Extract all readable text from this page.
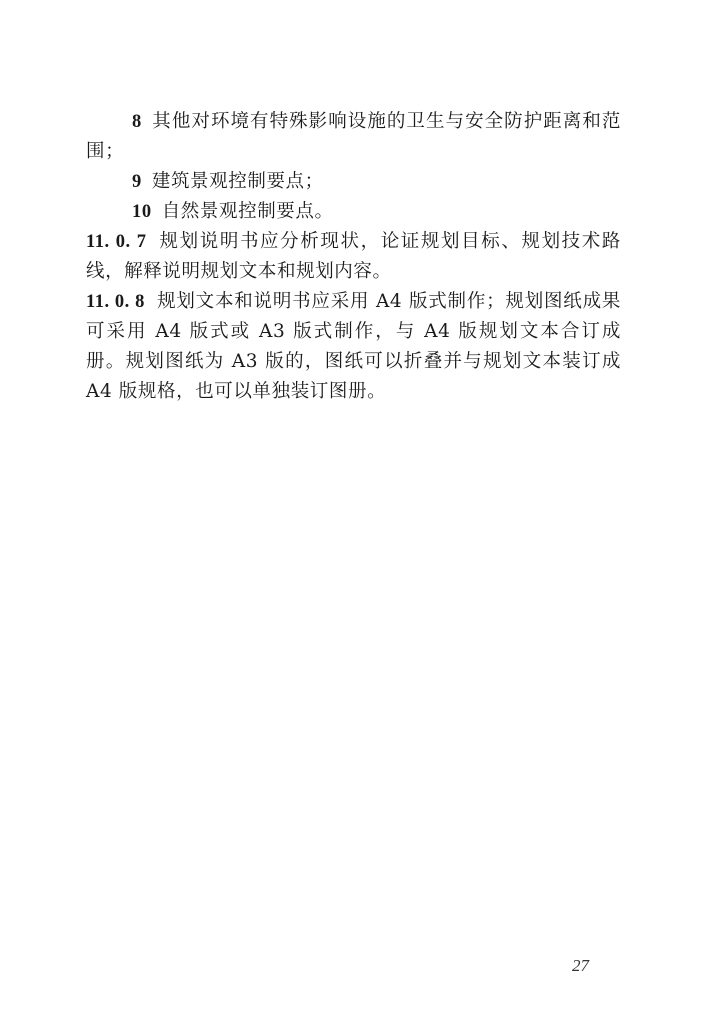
8 其他对环境有特殊影响设施的卫生与安全防护距离和范围；

9 建筑景观控制要点；

10 自然景观控制要点。

11. 0. 7 规划说明书应分析现状，论证规划目标、规划技术路线，解释说明规划文本和规划内容。

11. 0. 8 规划文本和说明书应采用 A4 版式制作；规划图纸成果可采用 A4 版式或 A3 版式制作，与 A4 版规划文本合订成册。规划图纸为 A3 版的，图纸可以折叠并与规划文本装订成 A4 版规格，也可以单独装订图册。

27
